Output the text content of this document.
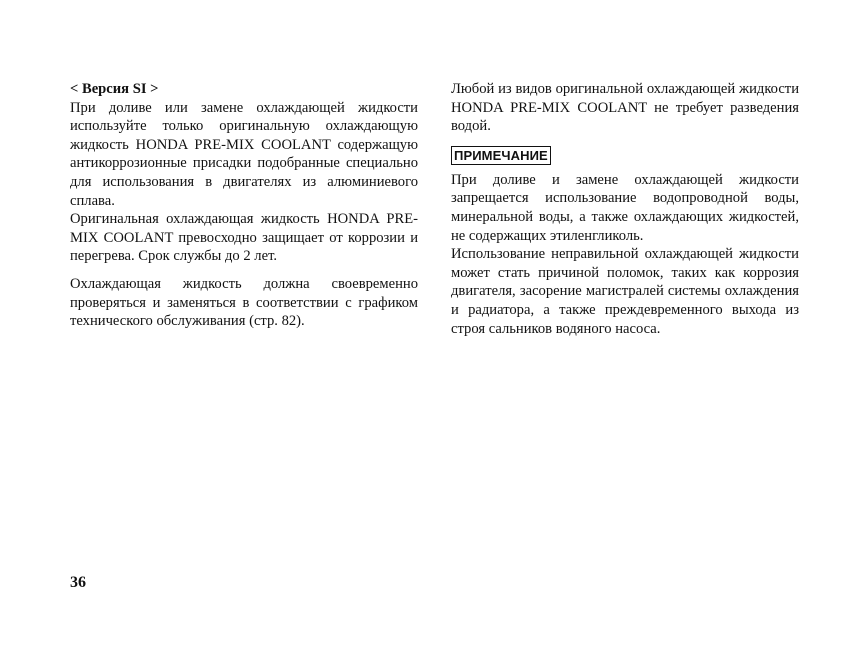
< Версия SI >

При доливе или замене охлаждающей жидкости используйте только оригинальную охлаждающую жидкость HONDA PRE-MIX COOLANT содержащую антикоррозионные присадки подобранные специально для использования в двигателях из алюминиевого сплава.

Оригинальная охлаждающая жидкость HONDA PRE-MIX COOLANT превосходно защищает от коррозии и перегрева. Срок службы до 2 лет.

Охлаждающая жидкость должна своевременно проверяться и заменяться в соответствии с графиком технического обслуживания (стр. 82).

Любой из видов оригинальной охлаждающей жидкости HONDA PRE-MIX COOLANT не требует разведения водой.

ПРИМЕЧАНИЕ

При доливе и замене охлаждающей жидкости запрещается использование водопроводной воды, минеральной воды, а также охлаждающих жидкостей, не содержащих этиленгликоль.

Использование неправильной охлаждающей жидкости может стать причиной поломок, таких как коррозия двигателя, засорение магистралей системы охлаждения и радиатора, а также преждевременного выхода из строя сальников водяного насоса.

36
